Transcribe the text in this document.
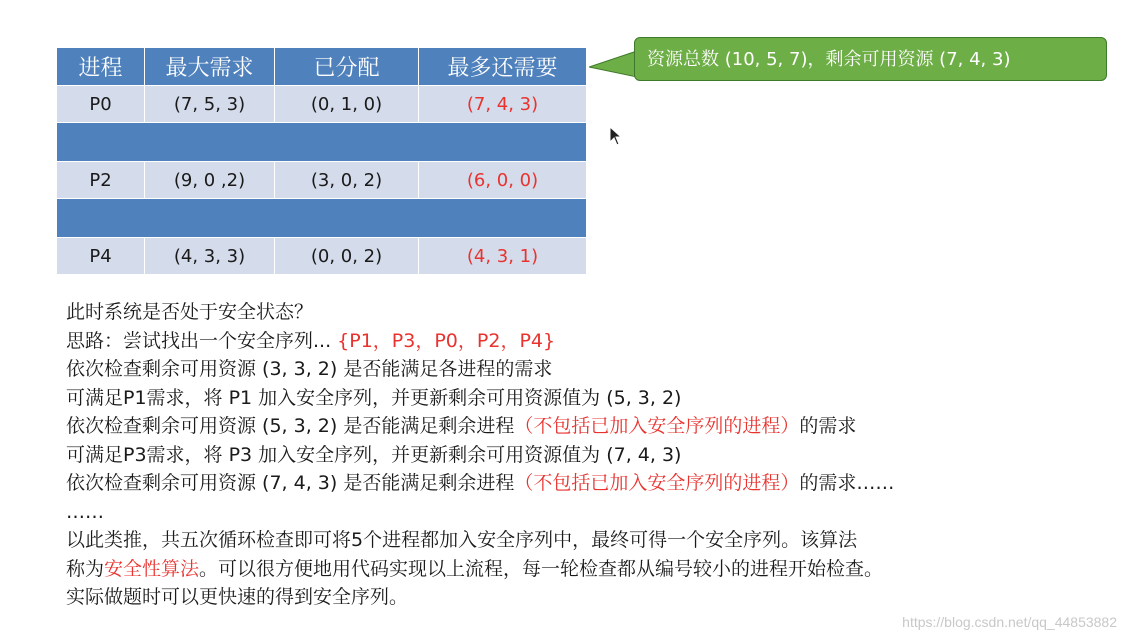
进程	最大需求	已分配	最多还需要
P0	(7, 5, 3)	(0, 1, 0)	(7, 4, 3)

P2	(9, 0 ,2)	(3, 0, 2)	(6, 0, 0)

P4	(4, 3, 3)	(0, 0, 2)	(4, 3, 1)
资源总数 (10, 5, 7)，剩余可用资源 (7, 4, 3)
此时系统是否处于安全状态？
思路：尝试找出一个安全序列... {P1，P3，P0，P2，P4}
依次检查剩余可用资源 (3, 3, 2) 是否能满足各进程的需求
可满足P1需求，将 P1 加入安全序列，并更新剩余可用资源值为 (5, 3, 2)
依次检查剩余可用资源 (5, 3, 2) 是否能满足剩余进程（不包括已加入安全序列的进程）的需求
可满足P3需求，将 P3 加入安全序列，并更新剩余可用资源值为 (7, 4, 3)
依次检查剩余可用资源 (7, 4, 3) 是否能满足剩余进程（不包括已加入安全序列的进程）的需求……
……
以此类推，共五次循环检查即可将5个进程都加入安全序列中，最终可得一个安全序列。该算法
称为安全性算法。可以很方便地用代码实现以上流程，每一轮检查都从编号较小的进程开始检查。
实际做题时可以更快速的得到安全序列。
https://blog.csdn.net/qq_44853882
